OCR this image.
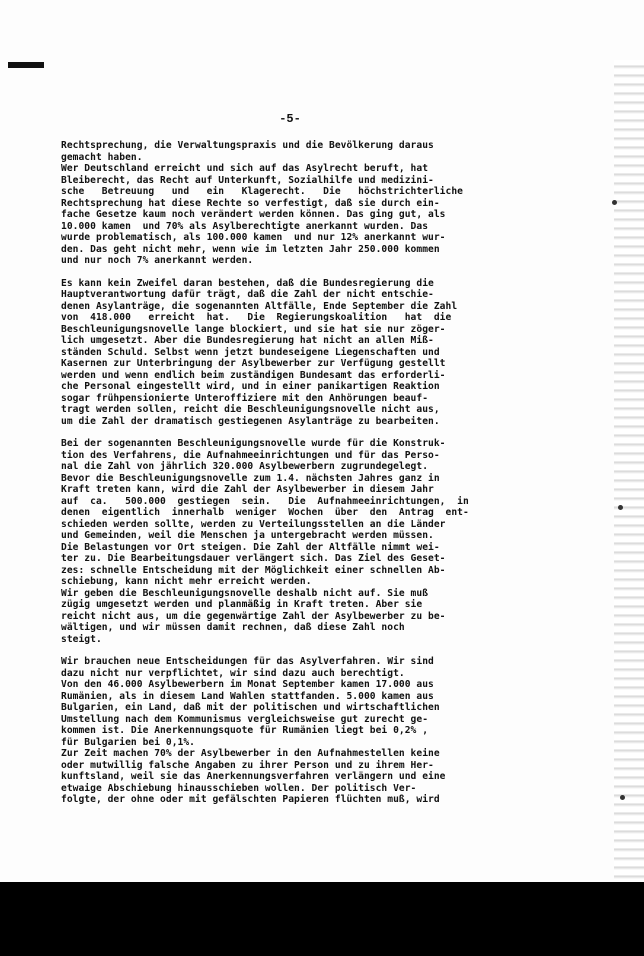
-5-
Rechtsprechung, die Verwaltungspraxis und die Bevölkerung daraus
gemacht haben.
Wer Deutschland erreicht und sich auf das Asylrecht beruft, hat
Bleiberecht, das Recht auf Unterkunft, Sozialhilfe und medizini-
sche   Betreuung   und   ein   Klagerecht.   Die   höchstrichterliche
Rechtsprechung hat diese Rechte so verfestigt, daß sie durch ein-
fache Gesetze kaum noch verändert werden können. Das ging gut, als
10.000 kamen  und 70% als Asylberechtigte anerkannt wurden. Das
wurde problematisch, als 100.000 kamen  und nur 12% anerkannt wur-
den. Das geht nicht mehr, wenn wie im letzten Jahr 250.000 kommen
und nur noch 7% anerkannt werden.
Es kann kein Zweifel daran bestehen, daß die Bundesregierung die
Hauptverantwortung dafür trägt, daß die Zahl der nicht entschie-
denen Asylanträge, die sogenannten Altfälle, Ende September die Zahl
von  418.000   erreicht  hat.   Die  Regierungskoalition   hat  die
Beschleunigungsnovelle lange blockiert, und sie hat sie nur zöger-
lich umgesetzt. Aber die Bundesregierung hat nicht an allen Miß-
ständen Schuld. Selbst wenn jetzt bundeseigene Liegenschaften und
Kasernen zur Unterbringung der Asylbewerber zur Verfügung gestellt
werden und wenn endlich beim zuständigen Bundesamt das erforderli-
che Personal eingestellt wird, und in einer panikartigen Reaktion
sogar frühpensionierte Unteroffiziere mit den Anhörungen beauf-
tragt werden sollen, reicht die Beschleunigungsnovelle nicht aus,
um die Zahl der dramatisch gestiegenen Asylanträge zu bearbeiten.
Bei der sogenannten Beschleunigungsnovelle wurde für die Konstruk-
tion des Verfahrens, die Aufnahmeeinrichtungen und für das Perso-
nal die Zahl von jährlich 320.000 Asylbewerbern zugrundegelegt.
Bevor die Beschleunigungsnovelle zum 1.4. nächsten Jahres ganz in
Kraft treten kann, wird die Zahl der Asylbewerber in diesem Jahr
auf  ca.   500.000  gestiegen  sein.   Die  Aufnahmeeinrichtungen,  in
denen  eigentlich  innerhalb  weniger  Wochen  über  den  Antrag  ent-
schieden werden sollte, werden zu Verteilungsstellen an die Länder
und Gemeinden, weil die Menschen ja untergebracht werden müssen.
Die Belastungen vor Ort steigen. Die Zahl der Altfälle nimmt wei-
ter zu. Die Bearbeitungsdauer verlängert sich. Das Ziel des Geset-
zes: schnelle Entscheidung mit der Möglichkeit einer schnellen Ab-
schiebung, kann nicht mehr erreicht werden.
Wir geben die Beschleunigungsnovelle deshalb nicht auf. Sie muß
zügig umgesetzt werden und planmäßig in Kraft treten. Aber sie
reicht nicht aus, um die gegenwärtige Zahl der Asylbewerber zu be-
wältigen, und wir müssen damit rechnen, daß diese Zahl noch
steigt.
Wir brauchen neue Entscheidungen für das Asylverfahren. Wir sind
dazu nicht nur verpflichtet, wir sind dazu auch berechtigt.
Von den 46.000 Asylbewerbern im Monat September kamen 17.000 aus
Rumänien, als in diesem Land Wahlen stattfanden. 5.000 kamen aus
Bulgarien, ein Land, daß mit der politischen und wirtschaftlichen
Umstellung nach dem Kommunismus vergleichsweise gut zurecht ge-
kommen ist. Die Anerkennungsquote für Rumänien liegt bei 0,2% ,
für Bulgarien bei 0,1%.
Zur Zeit machen 70% der Asylbewerber in den Aufnahmestellen keine
oder mutwillig falsche Angaben zu ihrer Person und zu ihrem Her-
kunftsland, weil sie das Anerkennungsverfahren verlängern und eine
etwaige Abschiebung hinausschieben wollen. Der politisch Ver-
folgte, der ohne oder mit gefälschten Papieren flüchten muß, wird
